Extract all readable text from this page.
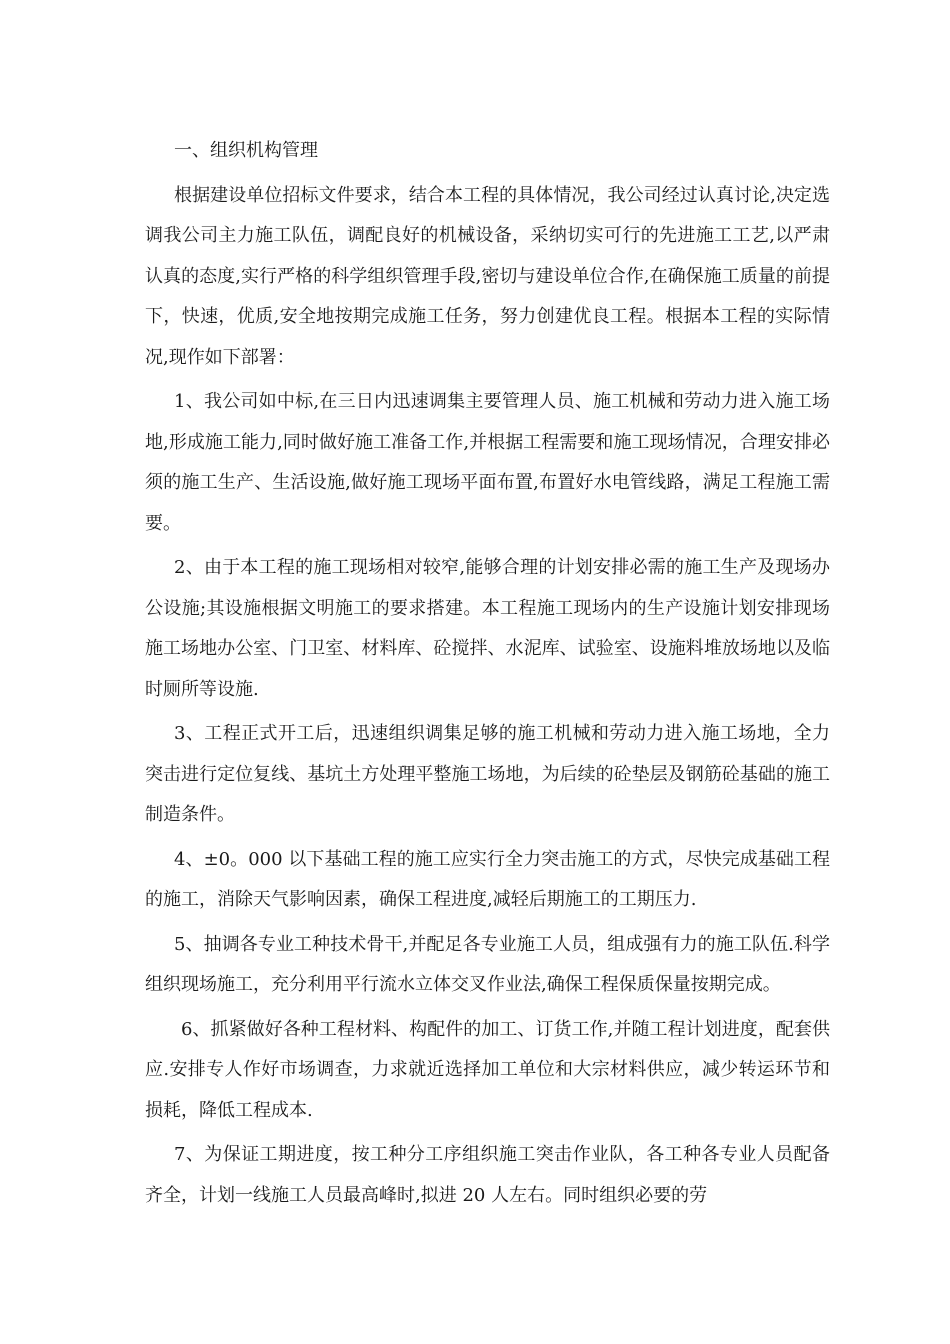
一、组织机构管理

根据建设单位招标文件要求，结合本工程的具体情况，我公司经过认真讨论,决定选调我公司主力施工队伍，调配良好的机械设备，采纳切实可行的先进施工工艺,以严肃认真的态度,实行严格的科学组织管理手段,密切与建设单位合作,在确保施工质量的前提下，快速，优质,安全地按期完成施工任务，努力创建优良工程。根据本工程的实际情况,现作如下部署：

1、我公司如中标,在三日内迅速调集主要管理人员、施工机械和劳动力进入施工场地,形成施工能力,同时做好施工准备工作,并根据工程需要和施工现场情况，合理安排必须的施工生产、生活设施,做好施工现场平面布置,布置好水电管线路，满足工程施工需要。

2、由于本工程的施工现场相对较窄,能够合理的计划安排必需的施工生产及现场办公设施;其设施根据文明施工的要求搭建。本工程施工现场内的生产设施计划安排现场施工场地办公室、门卫室、材料库、砼搅拌、水泥库、试验室、设施料堆放场地以及临时厕所等设施.

3、工程正式开工后，迅速组织调集足够的施工机械和劳动力进入施工场地，全力突击进行定位复线、基坑土方处理平整施工场地，为后续的砼垫层及钢筋砼基础的施工制造条件。

4、±0。000 以下基础工程的施工应实行全力突击施工的方式，尽快完成基础工程的施工，消除天气影响因素，确保工程进度,减轻后期施工的工期压力.

5、抽调各专业工种技术骨干,并配足各专业施工人员，组成强有力的施工队伍.科学组织现场施工，充分利用平行流水立体交叉作业法,确保工程保质保量按期完成。

6、抓紧做好各种工程材料、构配件的加工、订货工作,并随工程计划进度，配套供应.安排专人作好市场调查，力求就近选择加工单位和大宗材料供应，减少转运环节和损耗，降低工程成本.

7、为保证工期进度，按工种分工序组织施工突击作业队，各工种各专业人员配备齐全，计划一线施工人员最高峰时,拟进 20 人左右。同时组织必要的劳
